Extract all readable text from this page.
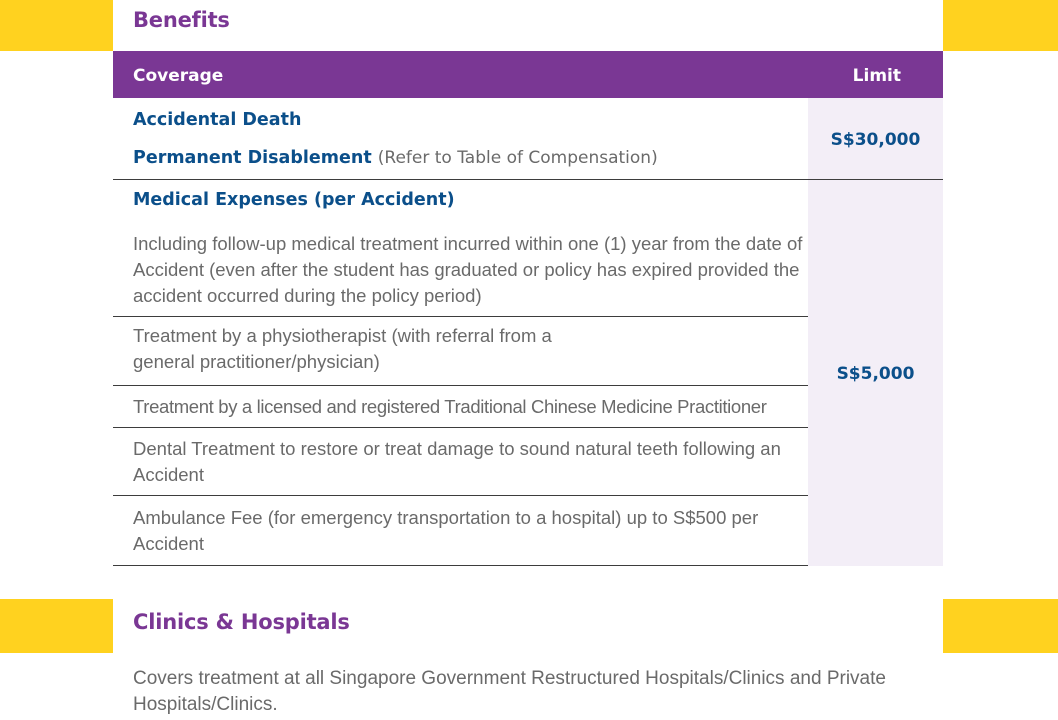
Benefits
Coverage	Limit
Accidental Death
Permanent Disablement (Refer to Table of Compensation)
S$30,000
Medical Expenses (per Accident)
Including follow-up medical treatment incurred within one (1) year from the date of Accident (even after the student has graduated or policy has expired provided the accident occurred during the policy period)
Treatment by a physiotherapist (with referral from a general practitioner/physician)
Treatment by a licensed and registered Traditional Chinese Medicine Practitioner
Dental Treatment to restore or treat damage to sound natural teeth following an Accident
Ambulance Fee (for emergency transportation to a hospital) up to S$500 per Accident
S$5,000
Clinics & Hospitals
Covers treatment at all Singapore Government Restructured Hospitals/Clinics and Private Hospitals/Clinics.
